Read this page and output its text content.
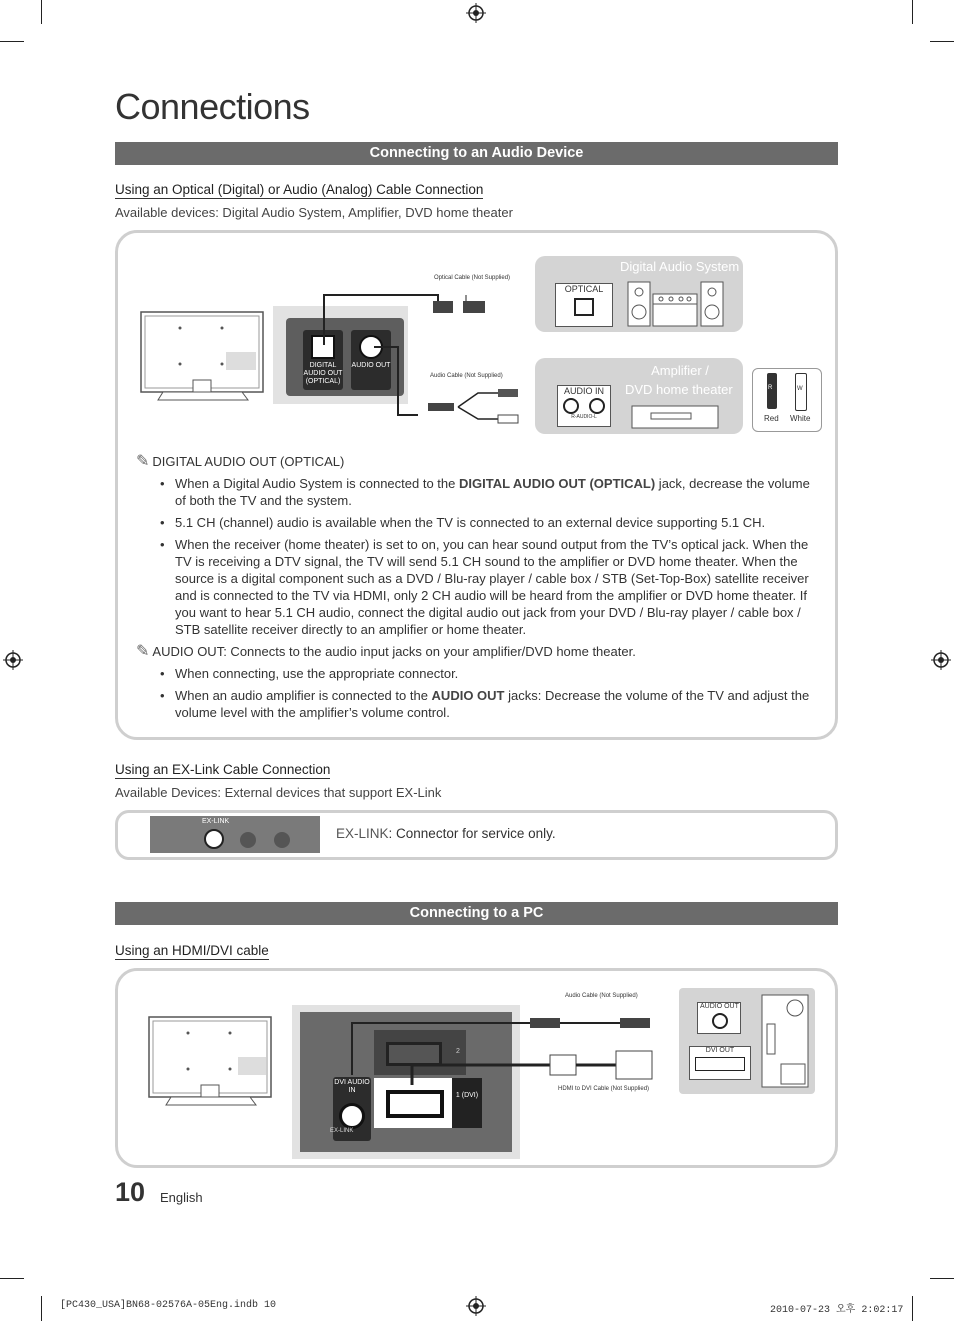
Connections
Connecting to an Audio Device
Using an Optical (Digital) or Audio (Analog) Cable Connection
Available devices: Digital Audio System, Amplifier, DVD home theater
DIGITAL AUDIO OUT (OPTICAL)
AUDIO OUT
Optical Cable (Not Supplied)
Audio Cable (Not Supplied)
Digital Audio System
OPTICAL
Amplifier /
DVD home theater
AUDIO IN
R-AUDIO-L
R	W
Red White
✎ DIGITAL AUDIO OUT (OPTICAL)
• When a Digital Audio System is connected to the DIGITAL AUDIO OUT (OPTICAL) jack, decrease the volume of both the TV and the system.
• 5.1 CH (channel) audio is available when the TV is connected to an external device supporting 5.1 CH.
• When the receiver (home theater) is set to on, you can hear sound output from the TV’s optical jack. When the TV is receiving a DTV signal, the TV will send 5.1 CH sound to the amplifier or DVD home theater. When the source is a digital component such as a DVD / Blu-ray player / cable box / STB (Set-Top-Box) satellite receiver and is connected to the TV via HDMI, only 2 CH audio will be heard from the amplifier or DVD home theater. If you want to hear 5.1 CH audio, connect the digital audio out jack from your DVD / Blu-ray player / cable box / STB satellite receiver directly to an amplifier or home theater.
✎ AUDIO OUT: Connects to the audio input jacks on your amplifier/DVD home theater.
• When connecting, use the appropriate connector.
• When an audio amplifier is connected to the AUDIO OUT jacks: Decrease the volume of the TV and adjust the volume level with the amplifier’s volume control.
Using an EX-Link Cable Connection
Available Devices: External devices that support EX-Link
EX-LINK
EX-LINK: Connector for service only.
Connecting to a PC
Using an HDMI/DVI cable
DVI AUDIO IN
2
1 (DVI)
EX-LINK
Audio Cable (Not Supplied)
HDMI to DVI Cable (Not Supplied)
AUDIO OUT
DVI OUT
10 English
[PC430_USA]BN68-02576A-05Eng.indb 10	2010-07-23 오후 2:02:17
